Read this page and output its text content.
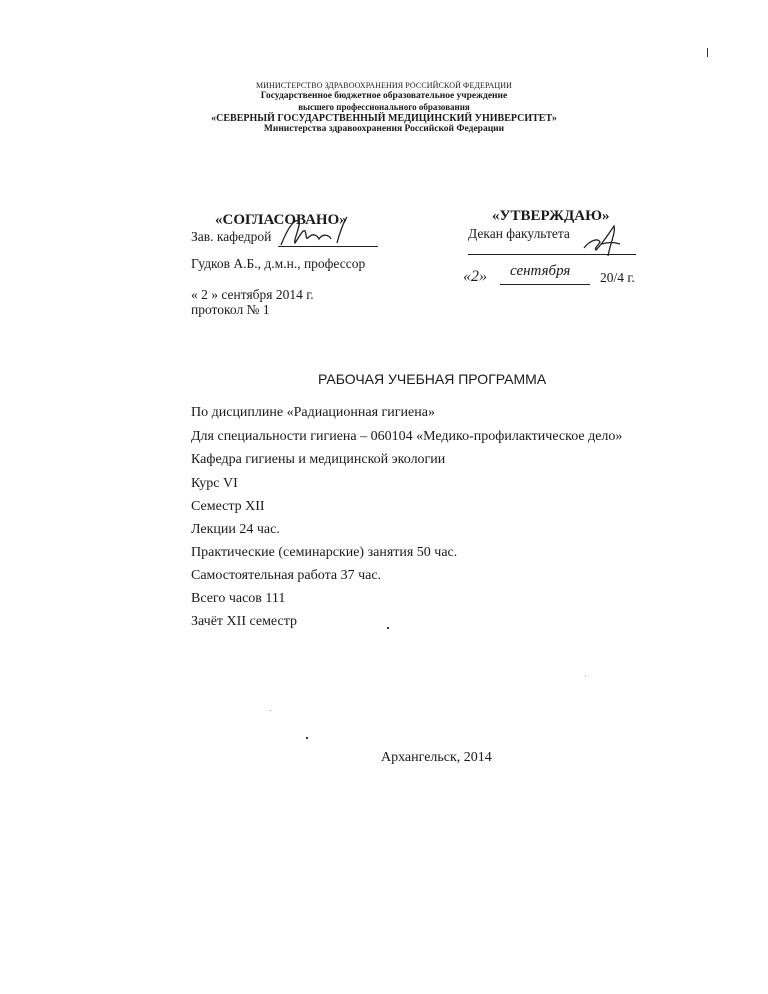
МИНИСТЕРСТВО ЗДРАВООХРАНЕНИЯ РОССИЙСКОЙ ФЕДЕРАЦИИ
Государственное бюджетное образовательное учреждение
высшего профессионального образования
«СЕВЕРНЫЙ ГОСУДАРСТВЕННЫЙ МЕДИЦИНСКИЙ УНИВЕРСИТЕТ»
Министерства здравоохранения Российской Федерации
«СОГЛАСОВАНО»
Зав. кафедрой
Гудков А.Б., д.м.н., профессор
« 2 » сентября 2014 г.
протокол № 1
«УТВЕРЖДАЮ»
Декан факультета
«2» сентября 20/4 г.
РАБОЧАЯ УЧЕБНАЯ ПРОГРАММА
По дисциплине «Радиационная гигиена»
Для специальности гигиена – 060104 «Медико-профилактическое дело»
Кафедра гигиены и медицинской экологии
Курс VI
Семестр XII
Лекции 24 час.
Практические (семинарские) занятия 50 час.
Самостоятельная работа 37 час.
Всего часов 111
Зачёт XII семестр
Архангельск, 2014
